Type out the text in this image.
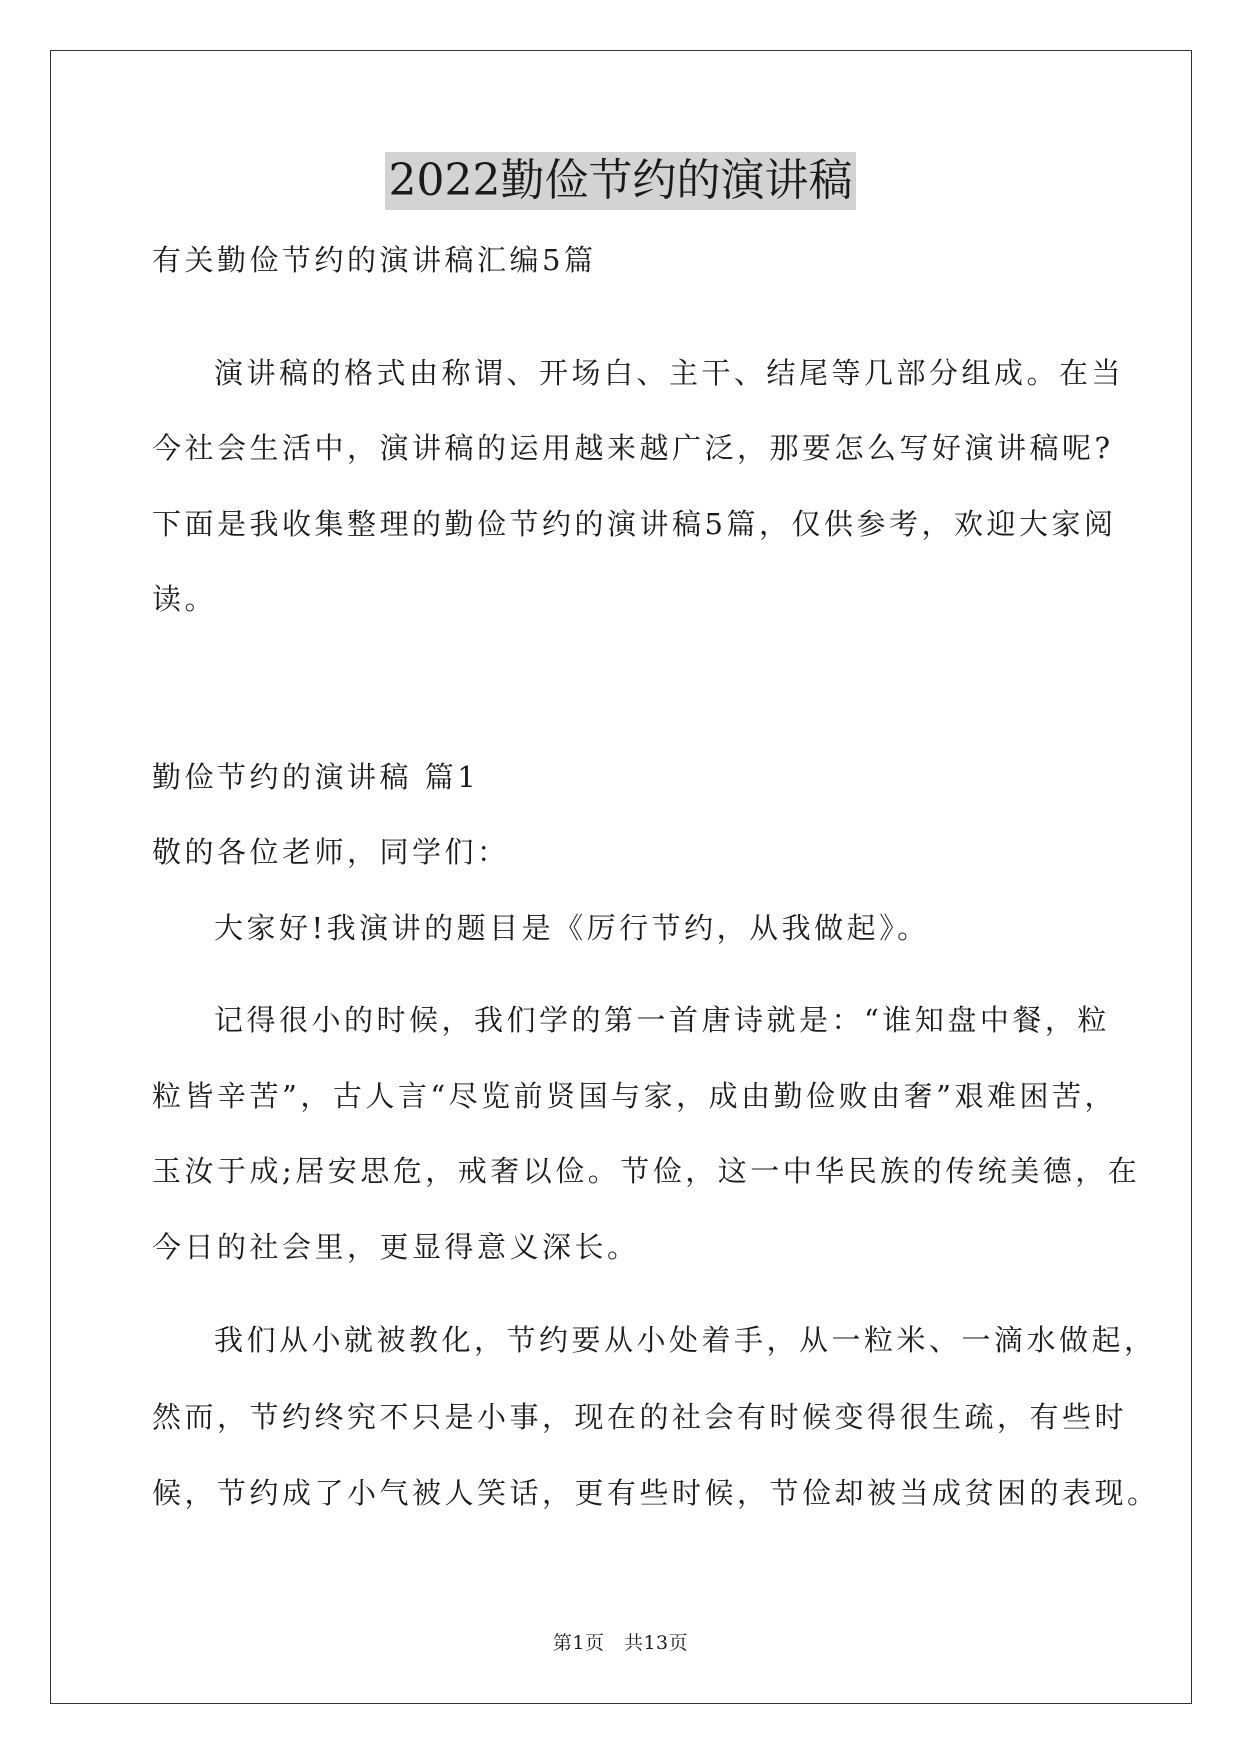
2022勤俭节约的演讲稿
有关勤俭节约的演讲稿汇编5篇
演讲稿的格式由称谓、开场白、主干、结尾等几部分组成。在当
今社会生活中，演讲稿的运用越来越广泛，那要怎么写好演讲稿呢?
下面是我收集整理的勤俭节约的演讲稿5篇，仅供参考，欢迎大家阅
读。
勤俭节约的演讲稿 篇1
敬的各位老师，同学们：
大家好!我演讲的题目是《厉行节约，从我做起》。
记得很小的时候，我们学的第一首唐诗就是：“谁知盘中餐，粒
粒皆辛苦”，古人言“尽览前贤国与家，成由勤俭败由奢”艰难困苦，
玉汝于成;居安思危，戒奢以俭。节俭，这一中华民族的传统美德，在
今日的社会里，更显得意义深长。
我们从小就被教化，节约要从小处着手，从一粒米、一滴水做起，
然而，节约终究不只是小事，现在的社会有时候变得很生疏，有些时
候，节约成了小气被人笑话，更有些时候，节俭却被当成贫困的表现。
第1页　共13页
